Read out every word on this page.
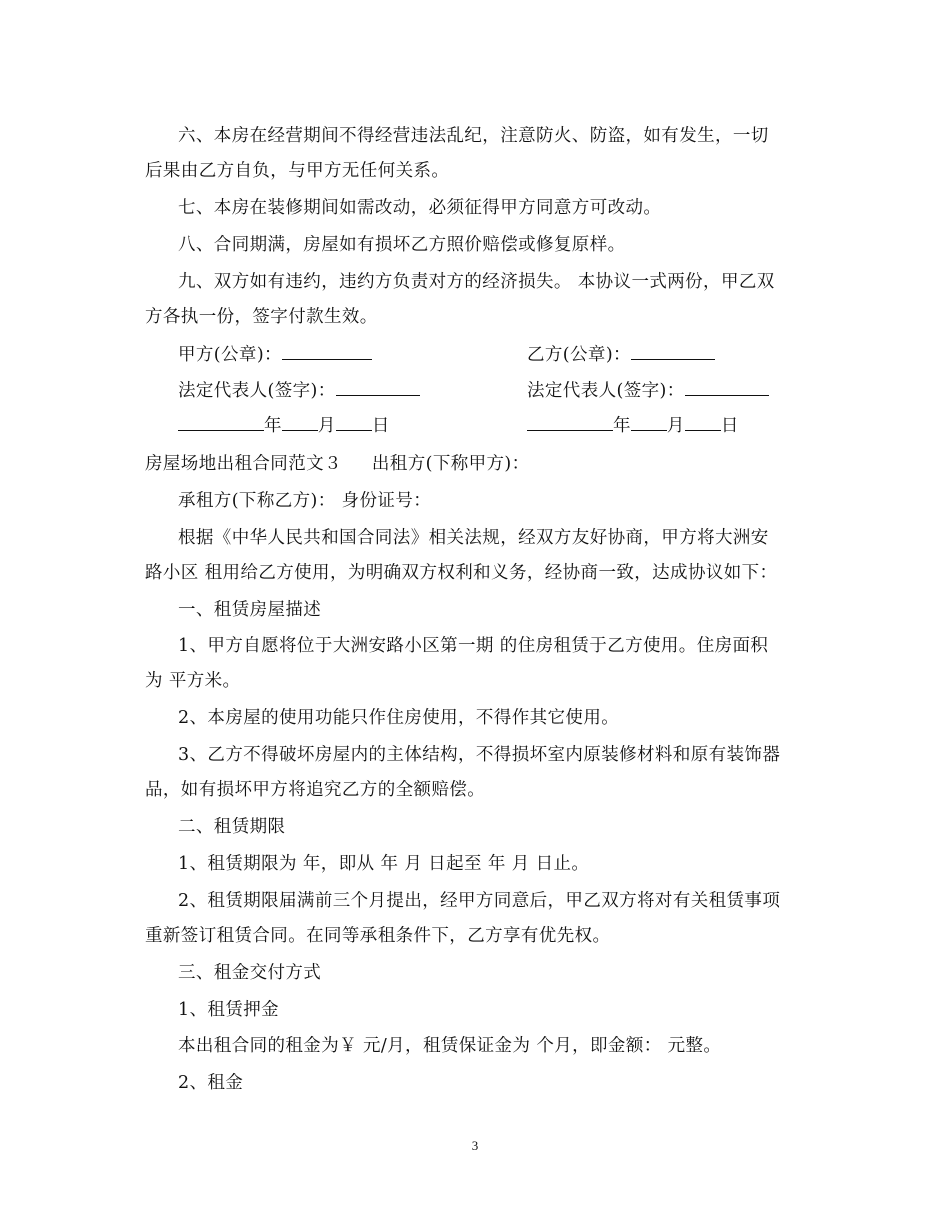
六、本房在经营期间不得经营违法乱纪，注意防火、防盗，如有发生，一切
后果由乙方自负，与甲方无任何关系。
七、本房在装修期间如需改动，必须征得甲方同意方可改动。
八、合同期满，房屋如有损坏乙方照价赔偿或修复原样。
九、双方如有违约，违约方负责对方的经济损失。 本协议一式两份，甲乙双
方各执一份，签字付款生效。
甲方(公章)：	乙方(公章)：
法定代表人(签字)：	法定代表人(签字)：
年 月 日	年 月 日
房屋场地出租合同范文３ 出租方(下称甲方)：
承租方(下称乙方)： 身份证号：
根据《中华人民共和国合同法》相关法规，经双方友好协商，甲方将大洲安
路小区 租用给乙方使用，为明确双方权利和义务，经协商一致，达成协议如下：
一、租赁房屋描述
1、甲方自愿将位于大洲安路小区第一期 的住房租赁于乙方使用。住房面积
为 平方米。
2、本房屋的使用功能只作住房使用，不得作其它使用。
3、乙方不得破坏房屋内的主体结构，不得损坏室内原装修材料和原有装饰器
品，如有损坏甲方将追究乙方的全额赔偿。
二、租赁期限
1、租赁期限为 年，即从 年 月 日起至 年 月 日止。
2、租赁期限届满前三个月提出，经甲方同意后，甲乙双方将对有关租赁事项
重新签订租赁合同。在同等承租条件下，乙方享有优先权。
三、租金交付方式
1、租赁押金
本出租合同的租金为￥ 元/月，租赁保证金为 个月，即金额： 元整。
2、租金
3
